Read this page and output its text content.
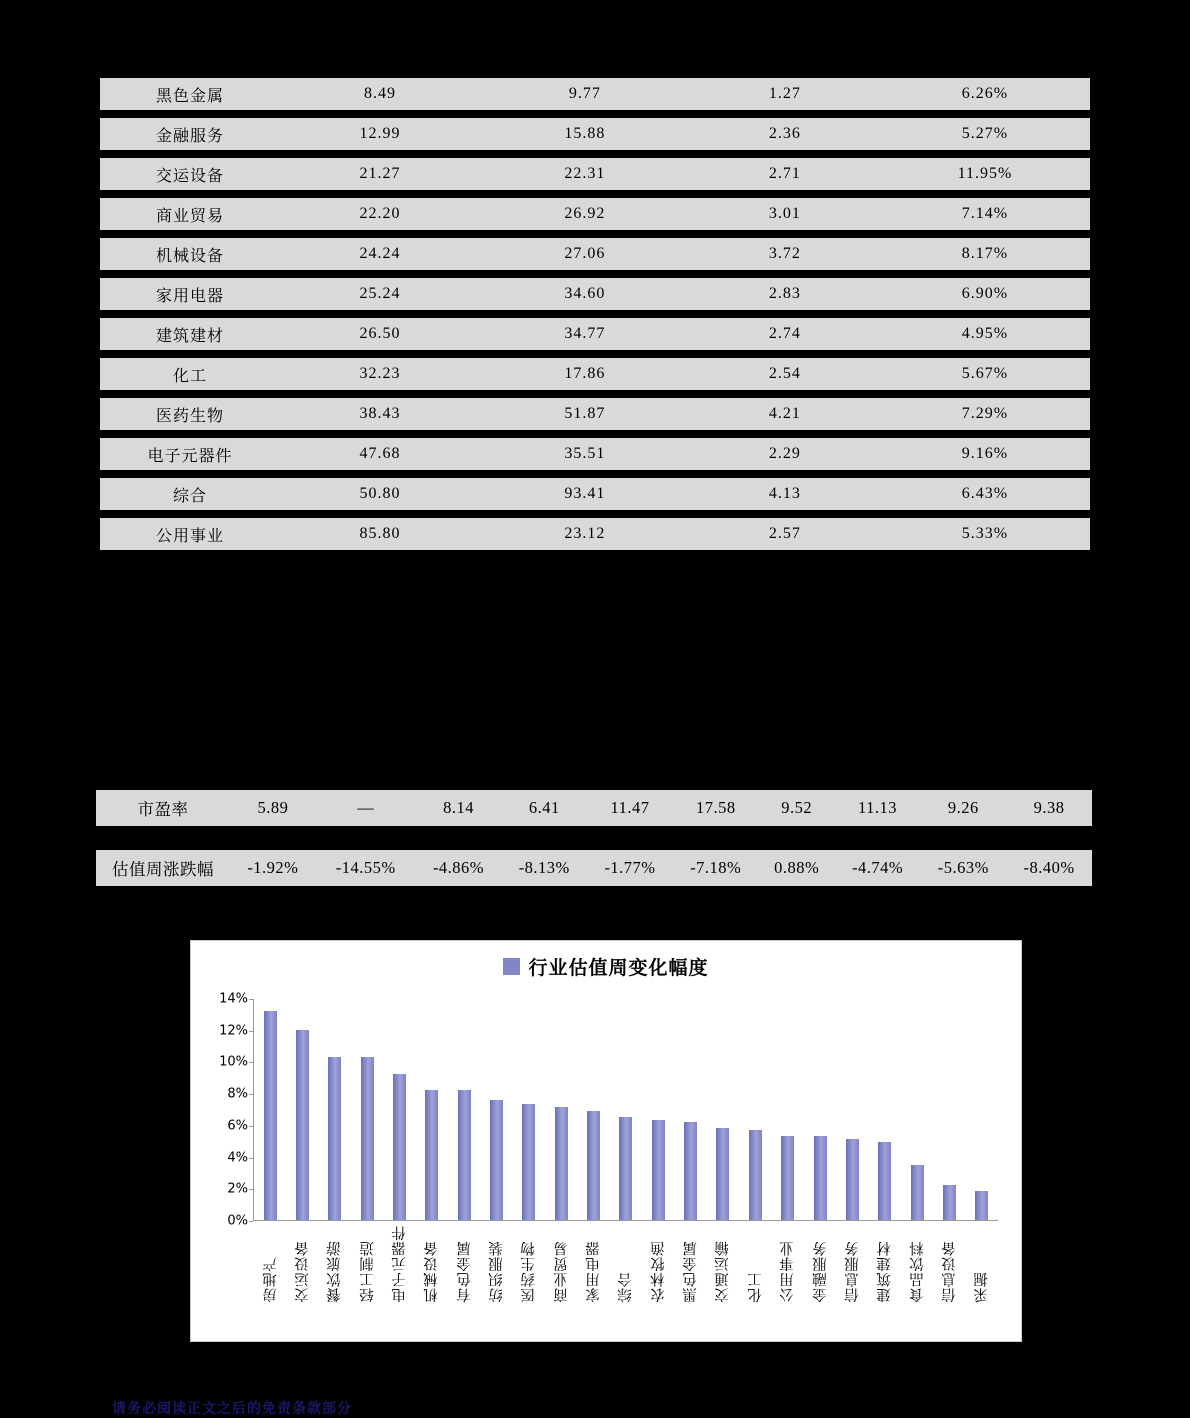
黑色金属	8.49	9.77	1.27	6.26%
金融服务	12.99	15.88	2.36	5.27%
交运设备	21.27	22.31	2.71	11.95%
商业贸易	22.20	26.92	3.01	7.14%
机械设备	24.24	27.06	3.72	8.17%
家用电器	25.24	34.60	2.83	6.90%
建筑建材	26.50	34.77	2.74	4.95%
化工	32.23	17.86	2.54	5.67%
医药生物	38.43	51.87	4.21	7.29%
电子元器件	47.68	35.51	2.29	9.16%
综合	50.80	93.41	4.13	6.43%
公用事业	85.80	23.12	2.57	5.33%
市盈率	5.89	—	8.14	6.41	11.47	17.58	9.52	11.13	9.26	9.38
估值周涨跌幅	-1.92%	-14.55%	-4.86%	-8.13%	-1.77%	-7.18%	0.88%	-4.74%	-5.63%	-8.40%
行业估值周变化幅度
0%
2%
4%
6%
8%
10%
12%
14%
房地产 交运设备 餐饮旅游 轻工制造 电子元器件 机械设备 有色金属 纺织服装 医药生物 商业贸易 家用电器 综合 农林牧渔 黑色金属 交通运输 化工 公用事业 金融服务 信息服务 建筑建材 食品饮料 信息设备 采掘
请务必阅读正文之后的免责条款部分
